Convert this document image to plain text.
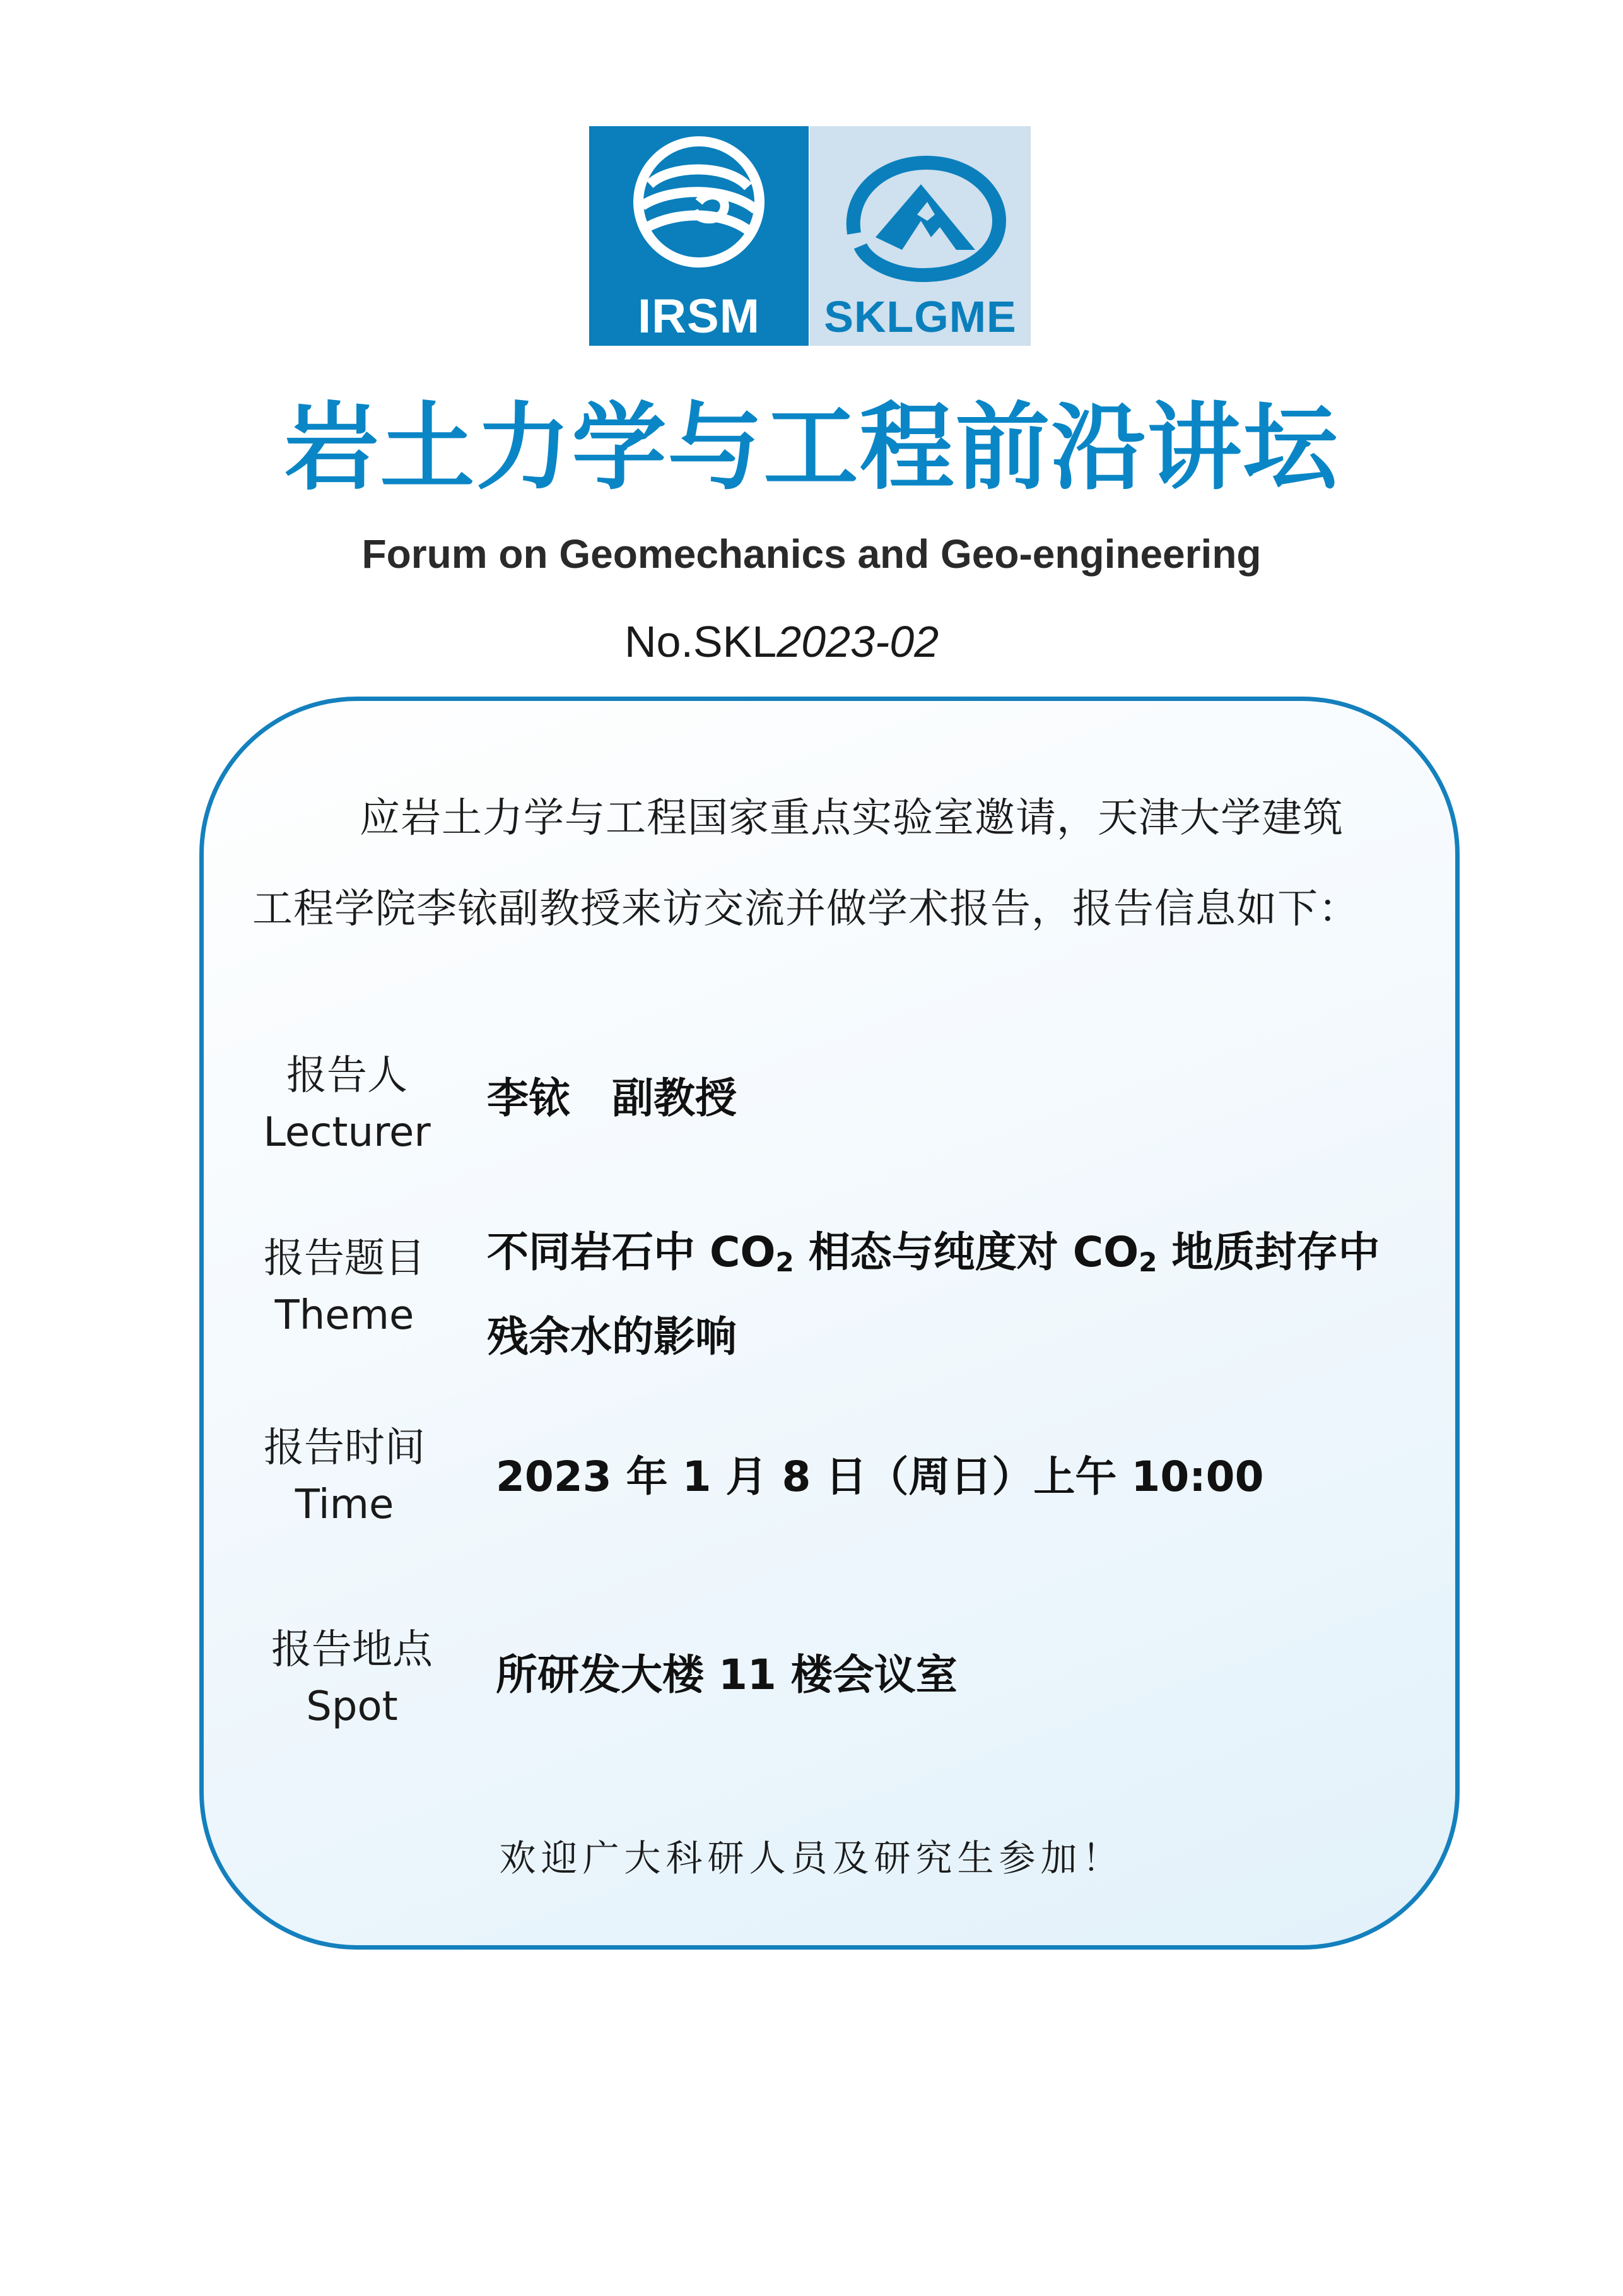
IRSM	SKLGME
岩土力学与工程前沿讲坛
Forum on Geomechanics and Geo-engineering
No.SKL2023-02
应岩土力学与工程国家重点实验室邀请，天津大学建筑
工程学院李铱副教授来访交流并做学术报告，报告信息如下：
报告人
Lecturer
李铱　副教授
报告题目
Theme
不同岩石中 $CO_2$ 相态与纯度对 $CO_2$ 地质封存中
残余水的影响
报告时间
Time
2023 年 1 月 8 日（周日）上午 10:00
报告地点
Spot
所研发大楼 11 楼会议室
欢迎广大科研人员及研究生参加！
